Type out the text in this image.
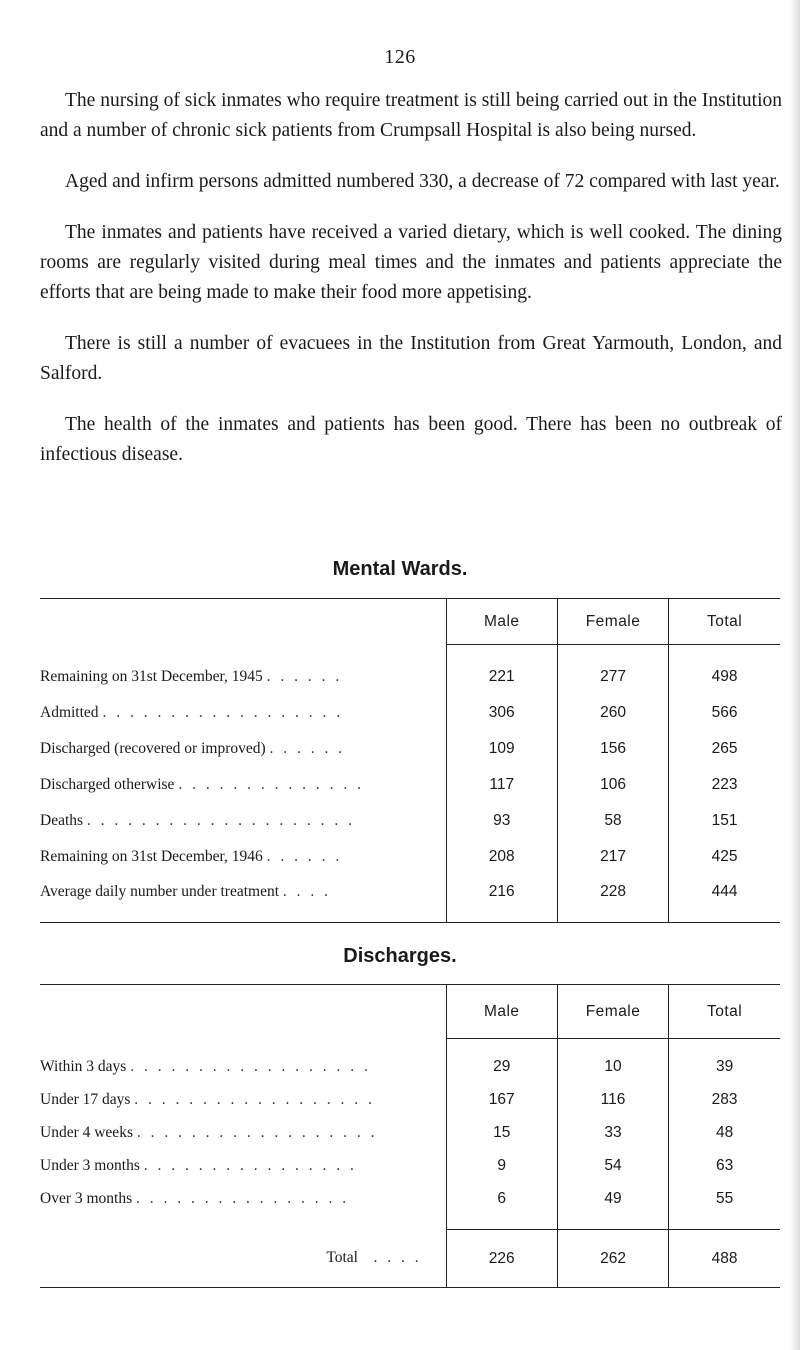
126

The nursing of sick inmates who require treatment is still being carried out in the Institution and a number of chronic sick patients from Crumpsall Hospital is also being nursed.

Aged and infirm persons admitted numbered 330, a decrease of 72 compared with last year.

The inmates and patients have received a varied dietary, which is well cooked. The dining rooms are regularly visited during meal times and the inmates and patients appreciate the efforts that are being made to make their food more appetising.

There is still a number of evacuees in the Institution from Great Yarmouth, London, and Salford.

The health of the inmates and patients has been good. There has been no outbreak of infectious disease.

Mental Wards.
	Male	Female	Total

Remaining on 31st December, 1945 . . . . . .	221	277	498
Admitted . . . . . . . . . . . . . . . . . .	306	260	566
Discharged (recovered or improved) . . . . . .	109	156	265
Discharged otherwise . . . . . . . . . . . . . .	117	106	223
Deaths . . . . . . . . . . . . . . . . . . . .	93	58	151
Remaining on 31st December, 1946 . . . . . .	208	217	425
Average daily number under treatment . . . .	216	228	444
Discharges.
	Male	Female	Total

Within 3 days . . . . . . . . . . . . . . . . . .	29	10	39
Under 17 days . . . . . . . . . . . . . . . . . .	167	116	283
Under 4 weeks . . . . . . . . . . . . . . . . . .	15	33	48
Under 3 months . . . . . . . . . . . . . . . .	9	54	63
Over 3 months . . . . . . . . . . . . . . . .	6	49	55

Total . . . .	226	262	488
